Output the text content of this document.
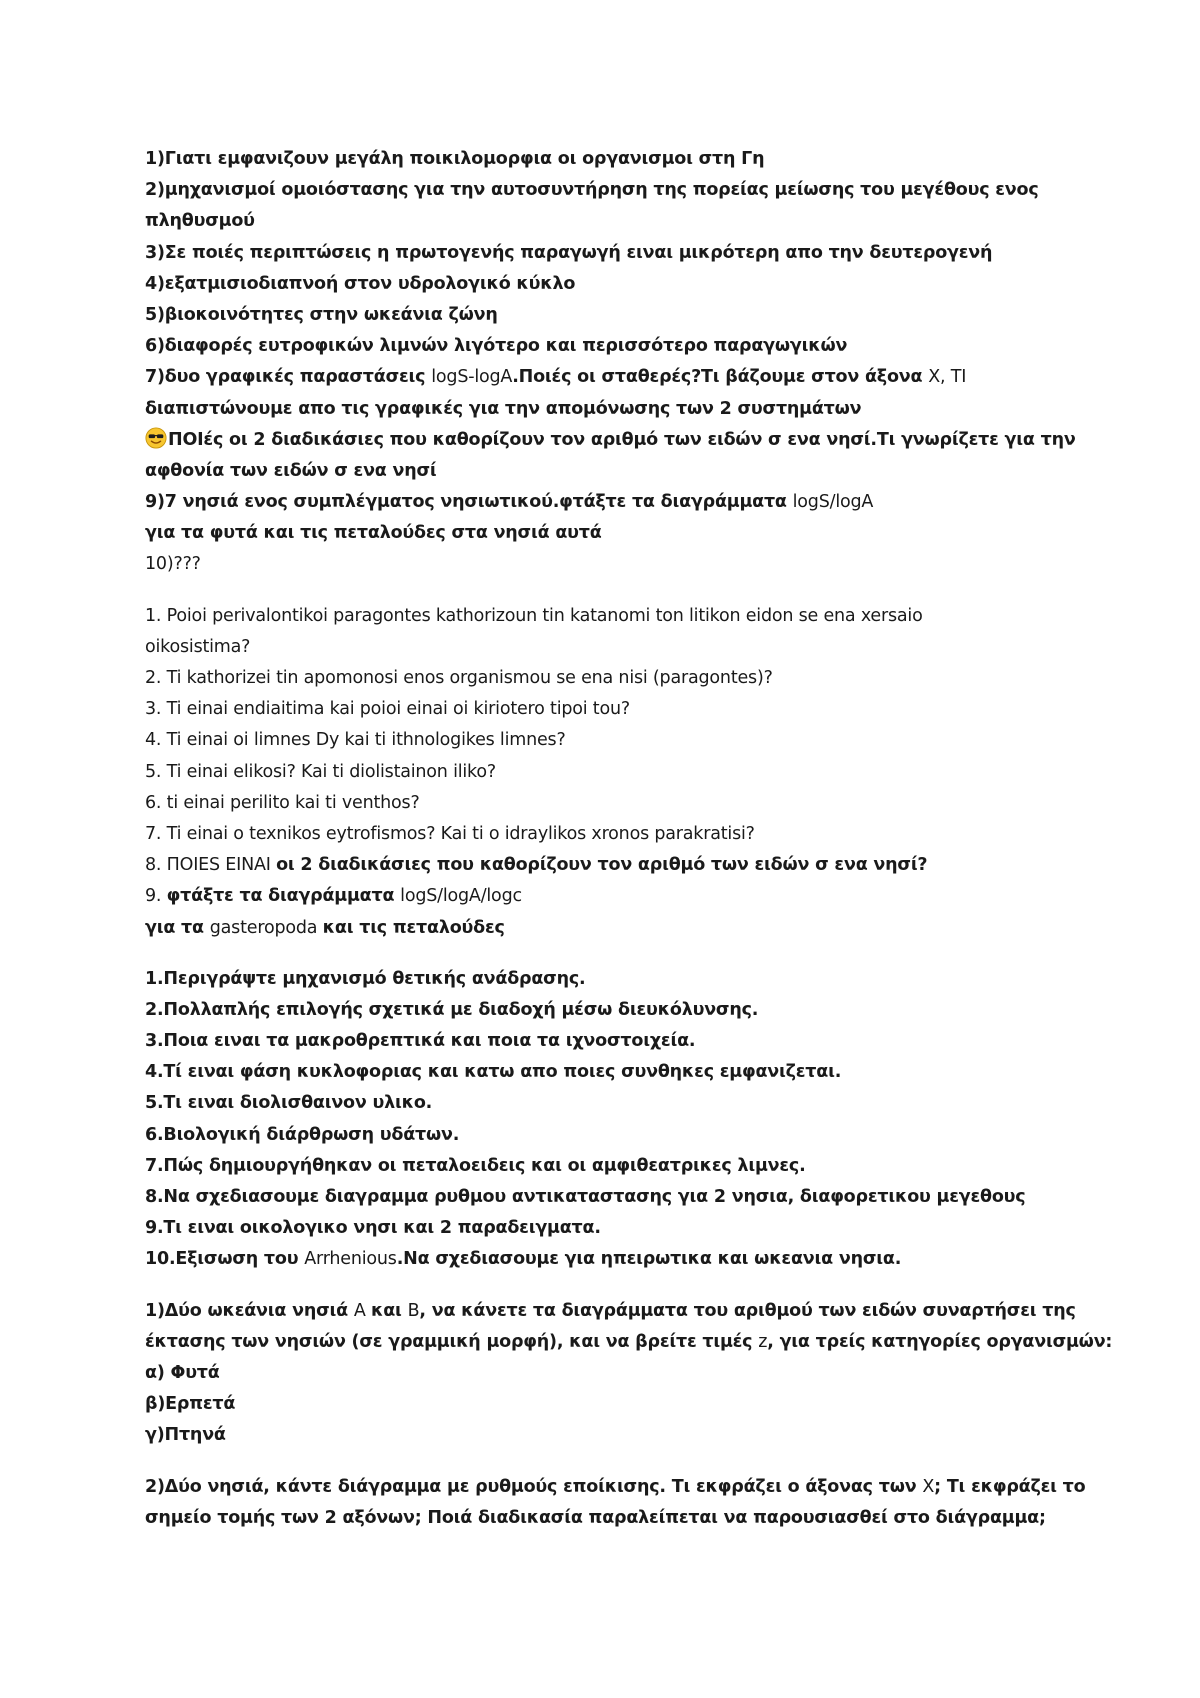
1)Γιατι εμφανιζουν μεγάλη ποικιλομορφια οι οργανισμοι στη Γη
2)μηχανισμοί ομοιόστασης για την αυτοσυντήρηση της πορείας μείωσης του μεγέθους ενος
πληθυσμού
3)Σε ποιές περιπτώσεις η πρωτογενής παραγωγή ειναι μικρότερη απο την δευτερογενή
4)εξατμισιοδιαπνοή στον υδρολογικό κύκλο
5)βιοκοινότητες στην ωκεάνια ζώνη
6)διαφορές ευτροφικών λιμνών λιγότερο και περισσότερο παραγωγικών
7)δυο γραφικές παραστάσεις logS-logA.Ποιές οι σταθερές?Τι βάζουμε στον άξονα X, TI
διαπιστώνουμε απο τις γραφικές για την απομόνωσης των 2 συστημάτων
ΠΟΙές οι 2 διαδικάσιες που καθορίζουν τον αριθμό των ειδών σ ενα νησί.Τι γνωρίζετε για την
αφθονία των ειδών σ ενα νησί
9)7 νησιά ενος συμπλέγματος νησιωτικού.φτάξτε τα διαγράμματα logS/logA
για τα φυτά και τις πεταλούδες στα νησιά αυτά
10)???
1. Poioi perivalontikoi paragontes kathorizoun tin katanomi ton litikon eidon se ena xersaio
oikosistima?
2. Ti kathorizei tin apomonosi enos organismou se ena nisi (paragontes)?
3. Ti einai endiaitima kai poioi einai oi kiriotero tipoi tou?
4. Ti einai oi limnes Dy kai ti ithnologikes limnes?
5. Ti einai elikosi? Kai ti diolistainon iliko?
6. ti einai perilito kai ti venthos?
7. Ti einai o texnikos eytrofismos? Kai ti o idraylikos xronos parakratisi?
8. ΠΟΙΕS EINAI οι 2 διαδικάσιες που καθορίζουν τον αριθμό των ειδών σ ενα νησί?
9. φτάξτε τα διαγράμματα logS/logA/logc
για τα gasteropoda και τις πεταλούδες
1.Περιγράψτε μηχανισμό θετικής ανάδρασης.
2.Πολλαπλής επιλογής σχετικά με διαδοχή μέσω διευκόλυνσης.
3.Ποια ειναι τα μακροθρεπτικά και ποια τα ιχνοστοιχεία.
4.Τί ειναι φάση κυκλοφοριας και κατω απο ποιες συνθηκες εμφανιζεται.
5.Τι ειναι διολισθαινον υλικο.
6.Βιολογική διάρθρωση υδάτων.
7.Πώς δημιουργήθηκαν οι πεταλοειδεις και οι αμφιθεατρικες λιμνες.
8.Να σχεδιασουμε διαγραμμα ρυθμου αντικαταστασης για 2 νησια, διαφορετικου μεγεθους
9.Τι ειναι οικολογικο νησι και 2 παραδειγματα.
10.Εξισωση του Arrhenious.Να σχεδιασουμε για ηπειρωτικα και ωκεανια νησια.
1)Δύο ωκεάνια νησιά A και B, να κάνετε τα διαγράμματα του αριθμού των ειδών συναρτήσει της
έκτασης των νησιών (σε γραμμική μορφή), και να βρείτε τιμές z, για τρείς κατηγορίες οργανισμών:
α) Φυτά
β)Ερπετά
γ)Πτηνά
2)Δύο νησιά, κάντε διάγραμμα με ρυθμούς εποίκισης. Τι εκφράζει ο άξονας των X; Τι εκφράζει το
σημείο τομής των 2 αξόνων; Ποιά διαδικασία παραλείπεται να παρουσιασθεί στο διάγραμμα;
